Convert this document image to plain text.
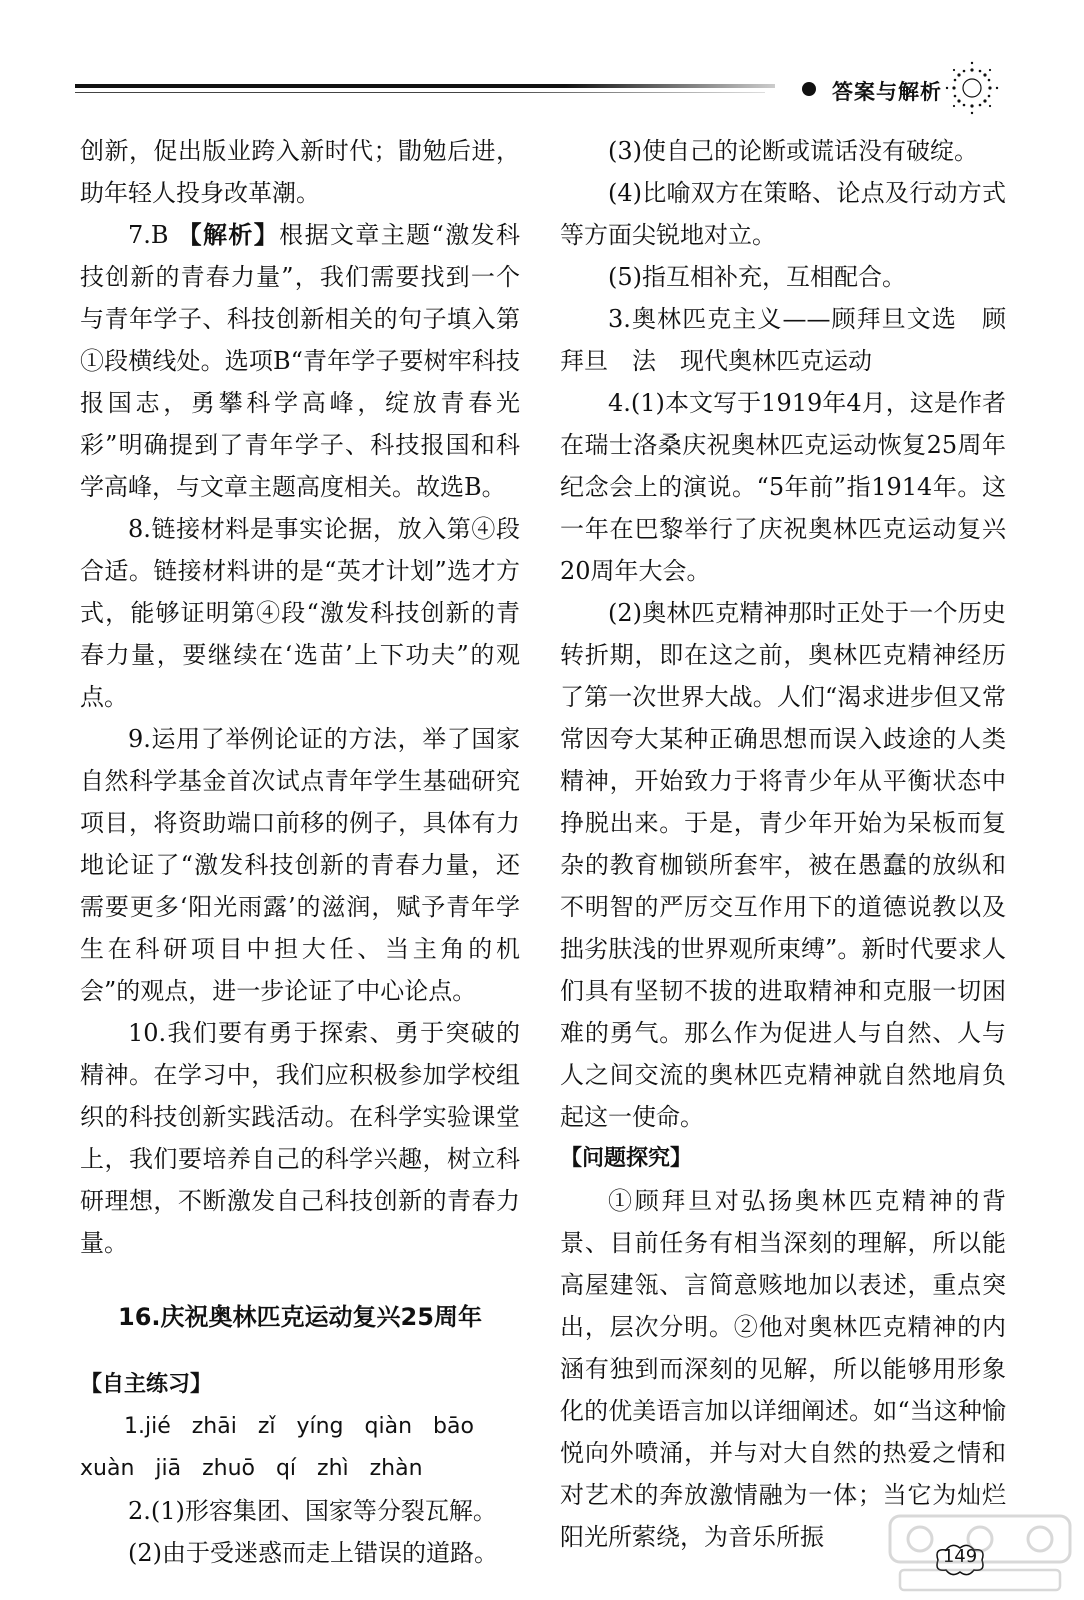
答案与解析

创新，促出版业跨入新时代；勖勉后进，助年轻人投身改革潮。

7.B 【解析】根据文章主题“激发科技创新的青春力量”，我们需要找到一个与青年学子、科技创新相关的句子填入第①段横线处。选项B“青年学子要树牢科技报国志，勇攀科学高峰，绽放青春光彩”明确提到了青年学子、科技报国和科学高峰，与文章主题高度相关。故选B。

8.链接材料是事实论据，放入第④段合适。链接材料讲的是“英才计划”选才方式，能够证明第④段“激发科技创新的青春力量，要继续在‘选苗’上下功夫”的观点。

9.运用了举例论证的方法，举了国家自然科学基金首次试点青年学生基础研究项目，将资助端口前移的例子，具体有力地论证了“激发科技创新的青春力量，还需要更多‘阳光雨露’的滋润，赋予青年学生在科研项目中担大任、当主角的机会”的观点，进一步论证了中心论点。

10.我们要有勇于探索、勇于突破的精神。在学习中，我们应积极参加学校组织的科技创新实践活动。在科学实验课堂上，我们要培养自己的科学兴趣，树立科研理想，不断激发自己科技创新的青春力量。

16.庆祝奥林匹克运动复兴25周年

【自主练习】

1.jié zhāi zǐ yíng qiàn bāo

xuàn jiā zhuō qí zhì zhàn

2.(1)形容集团、国家等分裂瓦解。

(2)由于受迷惑而走上错误的道路。

(3)使自己的论断或谎话没有破绽。

(4)比喻双方在策略、论点及行动方式等方面尖锐地对立。

(5)指互相补充，互相配合。

3.奥林匹克主义——顾拜旦文选　顾拜旦　法　现代奥林匹克运动

4.(1)本文写于1919年4月，这是作者在瑞士洛桑庆祝奥林匹克运动恢复25周年纪念会上的演说。“5年前”指1914年。这一年在巴黎举行了庆祝奥林匹克运动复兴20周年大会。

(2)奥林匹克精神那时正处于一个历史转折期，即在这之前，奥林匹克精神经历了第一次世界大战。人们“渴求进步但又常常因夸大某种正确思想而误入歧途的人类精神，开始致力于将青少年从平衡状态中挣脱出来。于是，青少年开始为呆板而复杂的教育枷锁所套牢，被在愚蠢的放纵和不明智的严厉交互作用下的道德说教以及拙劣肤浅的世界观所束缚”。新时代要求人们具有坚韧不拔的进取精神和克服一切困难的勇气。那么作为促进人与自然、人与人之间交流的奥林匹克精神就自然地肩负起这一使命。

【问题探究】

①顾拜旦对弘扬奥林匹克精神的背景、目前任务有相当深刻的理解，所以能高屋建瓴、言简意赅地加以表述，重点突出，层次分明。②他对奥林匹克精神的内涵有独到而深刻的见解，所以能够用形象化的优美语言加以详细阐述。如“当这种愉悦向外喷涌，并与对大自然的热爱之情和对艺术的奔放激情融为一体；当它为灿烂阳光所萦绕，为音乐所振

149
